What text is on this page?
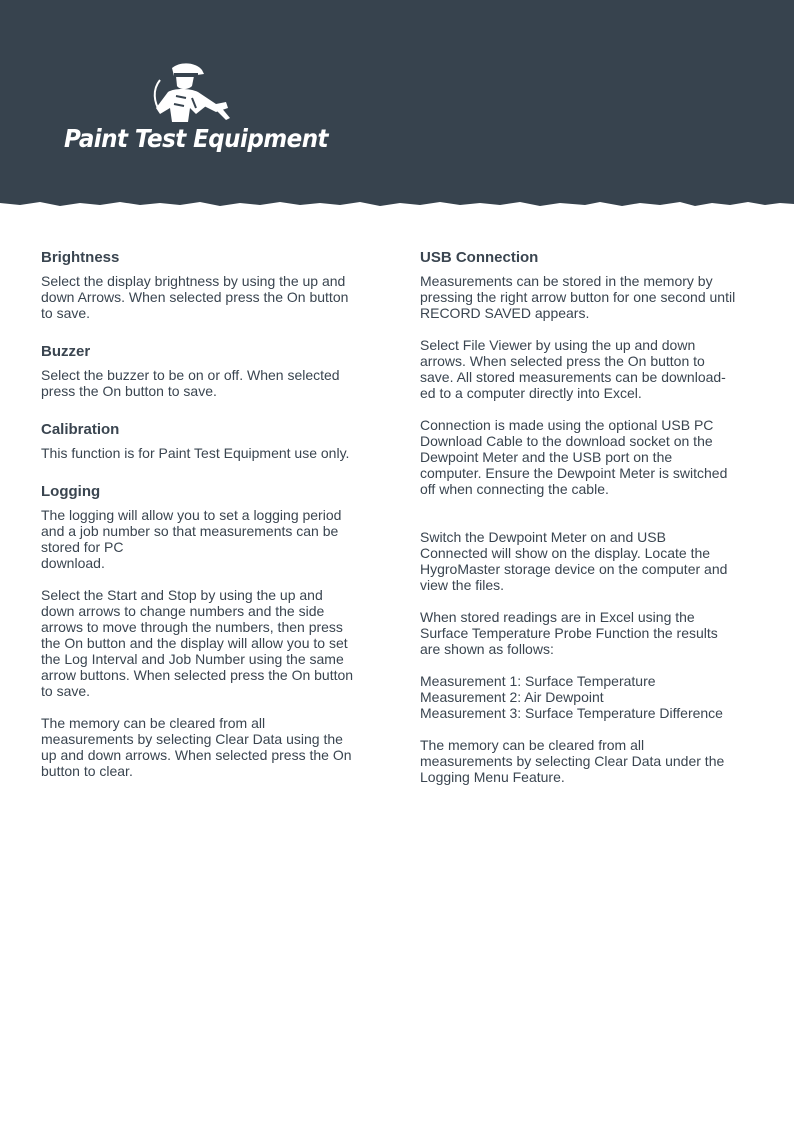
Paint Test Equipment
Brightness

Select the display brightness by using the up and
down Arrows. When selected press the On button
to save.

Buzzer

Select the buzzer to be on or off. When selected
press the On button to save.

Calibration

This function is for Paint Test Equipment use only.

Logging

The logging will allow you to set a logging period
and a job number so that measurements can be
stored for PC
download.

Select the Start and Stop by using the up and
down arrows to change numbers and the side
arrows to move through the numbers, then press
the On button and the display will allow you to set
the Log Interval and Job Number using the same
arrow buttons. When selected press the On button
to save.

The memory can be cleared from all
measurements by selecting Clear Data using the
up and down arrows. When selected press the On
button to clear.

USB Connection

Measurements can be stored in the memory by
pressing the right arrow button for one second until
RECORD SAVED appears.

Select File Viewer by using the up and down
arrows. When selected press the On button to
save. All stored measurements can be download-
ed to a computer directly into Excel.

Connection is made using the optional USB PC
Download Cable to the download socket on the
Dewpoint Meter and the USB port on the
computer. Ensure the Dewpoint Meter is switched
off when connecting the cable.

Switch the Dewpoint Meter on and USB
Connected will show on the display. Locate the
HygroMaster storage device on the computer and
view the files.

When stored readings are in Excel using the
Surface Temperature Probe Function the results
are shown as follows:

Measurement 1: Surface Temperature
Measurement 2: Air Dewpoint
Measurement 3: Surface Temperature Difference

The memory can be cleared from all
measurements by selecting Clear Data under the
Logging Menu Feature.
